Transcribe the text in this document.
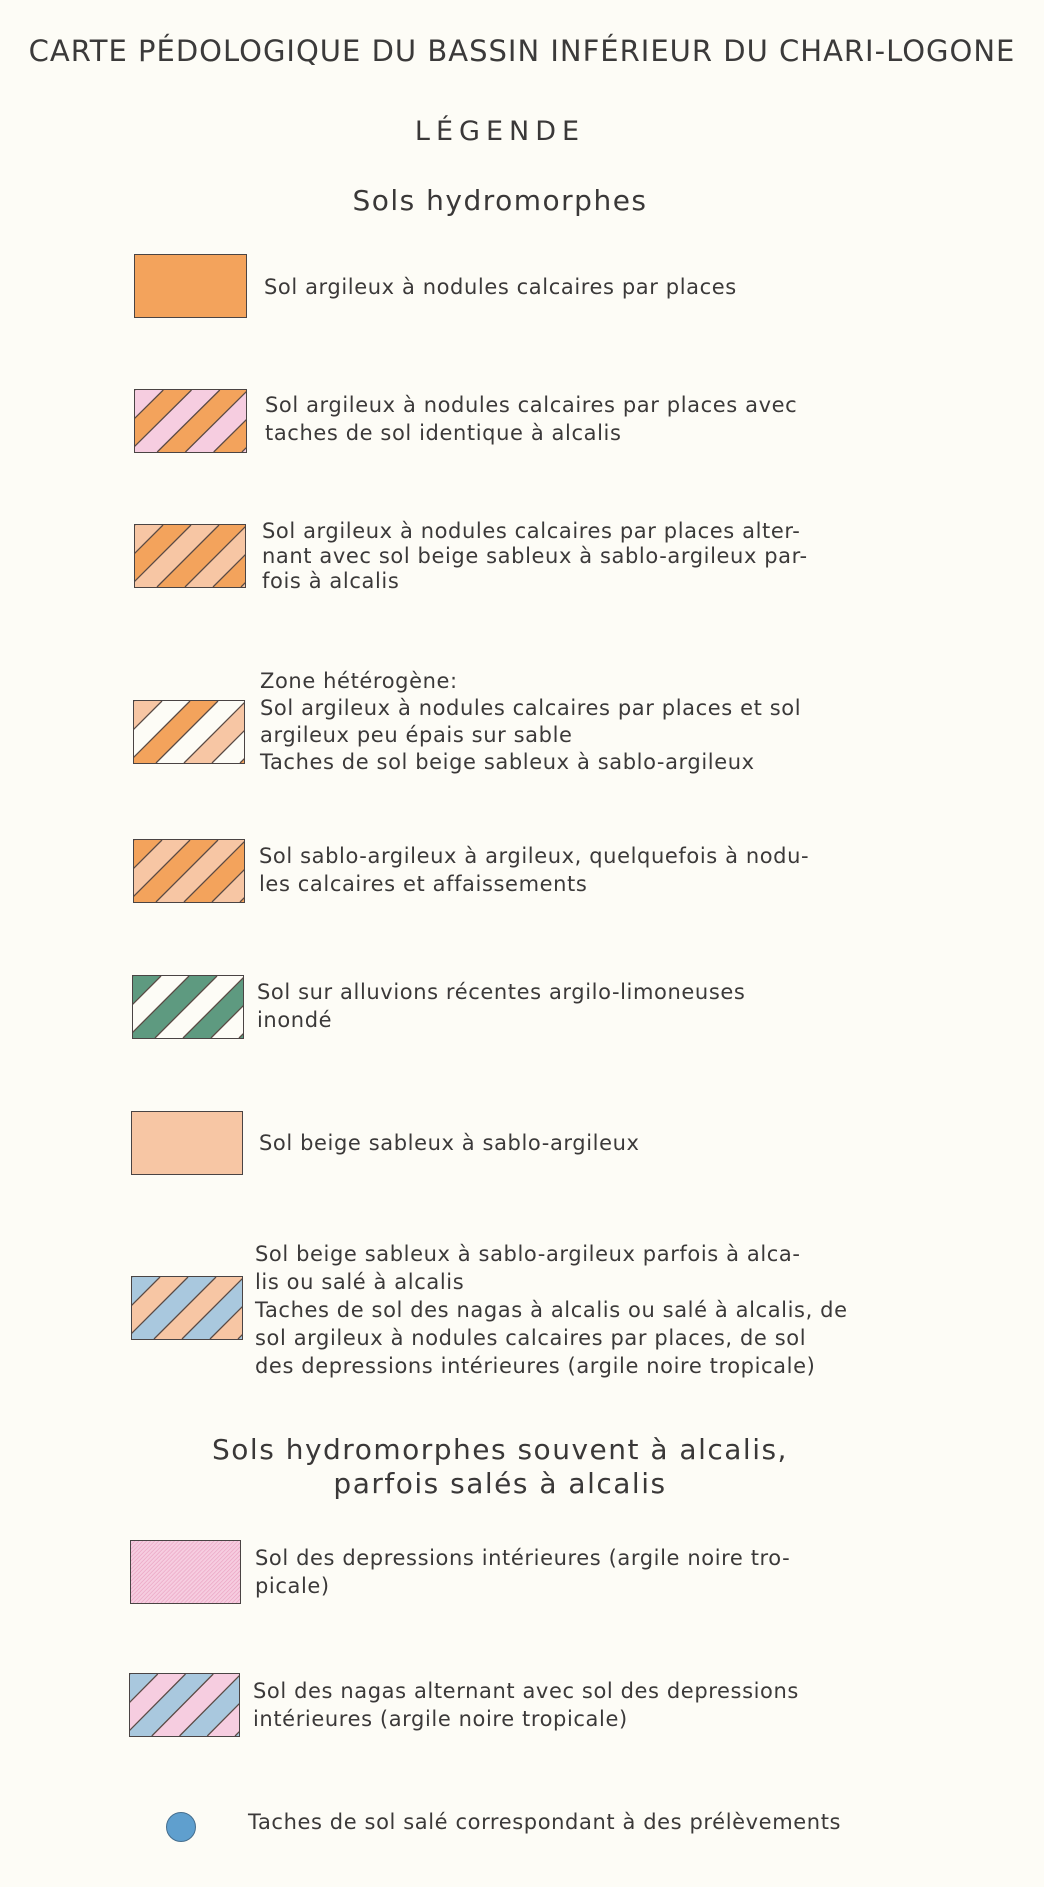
CARTE PÉDOLOGIQUE DU BASSIN INFÉRIEUR DU CHARI-LOGONE
LÉGENDE
Sols hydromorphes
Sol argileux à nodules calcaires par places
Sol argileux à nodules calcaires par places avec
taches de sol identique à alcalis
Sol argileux à nodules calcaires par places alter-
nant avec sol beige sableux à sablo-argileux par-
fois à alcalis
Zone hétérogène:
Sol argileux à nodules calcaires par places et sol
argileux peu épais sur sable
Taches de sol beige sableux à sablo-argileux
Sol sablo-argileux à argileux, quelquefois à nodu-
les calcaires et affaissements
Sol sur alluvions récentes argilo-limoneuses
inondé
Sol beige sableux à sablo-argileux
Sol beige sableux à sablo-argileux parfois à alca-
lis ou salé à alcalis
Taches de sol des nagas à alcalis ou salé à alcalis, de
sol argileux à nodules calcaires par places, de sol
des depressions intérieures (argile noire tropicale)
Sols hydromorphes souvent à alcalis,
parfois salés à alcalis
Sol des depressions intérieures (argile noire tro-
picale)
Sol des nagas alternant avec sol des depressions
intérieures (argile noire tropicale)
Taches de sol salé correspondant à des prélèvements
